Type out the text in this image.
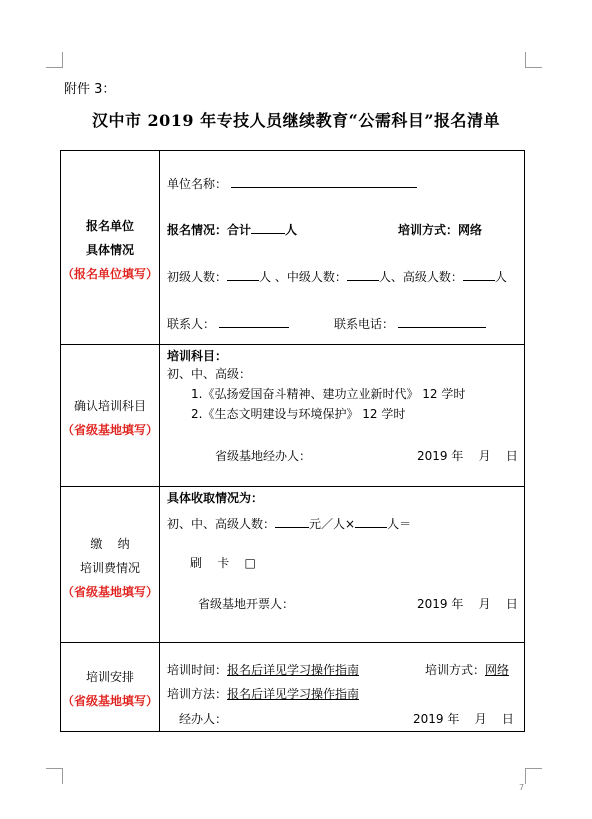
附件 3：
汉中市 2019 年专技人员继续教育“公需科目”报名清单
报名单位
具体情况
（报名单位填写）
单位名称：
报名情况：合计	人	培训方式：网络
初级人数：	人 、中级人数：	人、高级人数：	人
联系人：	联系电话：
确认培训科目
（省级基地填写）
培训科目：
初、中、高级：
1.《弘扬爱国奋斗精神、建功立业新时代》 12 学时
2.《生态文明建设与环境保护》 12 学时
省级基地经办人：	2019 年    月    日
缴    纳
培训费情况
（省级基地填写）
具体收取情况为：
初、中、高级人数：	元／人×	人＝
刷    卡    □
省级基地开票人：	2019 年    月    日
培训安排
（省级基地填写）
培训时间：报名后详见学习操作指南	培训方式：网络
培训方法：报名后详见学习操作指南
经办人：	2019 年    月    日
7
